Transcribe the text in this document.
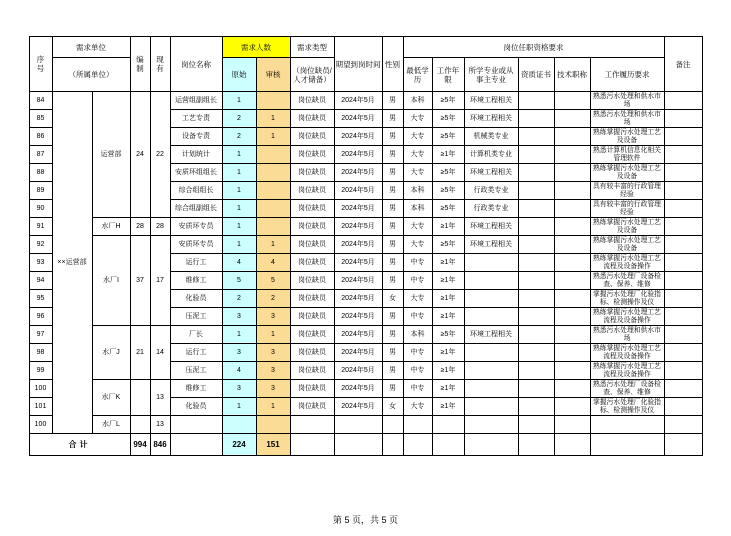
序号	需求单位		编制	现有	岗位名称	需求人数		需求类型	期望到岗时间	性别	岗位任职资格要求						备注
	（所属单位）					原始	审核	（岗位缺员/人才储备）			最低学历	工作年限	所学专业或从事主专业	资质证书	技术职称	工作履历要求	
84	××运营部	运营部	24	22	运营组副组长	1		岗位缺员	2024年5月	男	本科	≥5年	环境工程相关			熟悉污水处理和供水市场	
85					工艺专责	2	1	岗位缺员	2024年5月	男	大专	≥5年	环境工程相关			熟悉污水处理和供水市场	
86					设备专责	2	1	岗位缺员	2024年5月	男	大专	≥5年	机械类专业			熟练掌握污水处理工艺及设备	
87					计划统计	1		岗位缺员	2024年5月	男	大专	≥1年	计算机类专业			熟悉计算机信息化相关管理软件	
88					安质环组组长	1		岗位缺员	2024年5月	男	大专	≥5年	环境工程相关			熟练掌握污水处理工艺及设备	
89					综合组组长	1		岗位缺员	2024年5月	男	本科	≥5年	行政类专业			具有较丰富的行政管理经验	
90					综合组副组长	1		岗位缺员	2024年5月	男	本科	≥5年	行政类专业			具有较丰富的行政管理经验	
91		水厂H	28	28	安质环专员	1		岗位缺员	2024年5月	男	大专	≥1年	环境工程相关			熟练掌握污水处理工艺及设备	
92		水厂I	37	17	安质环专员	1	1	岗位缺员	2024年5月	男	大专	≥5年	环境工程相关			熟练掌握污水处理工艺及设备	
93					运行工	4	4	岗位缺员	2024年5月	男	中专	≥1年				熟练掌握污水处理工艺流程及设备操作	
94					维修工	5	5	岗位缺员	2024年5月	男	中专	≥1年				熟悉污水处理厂设备检查、保养、维修	
95					化验员	2	2	岗位缺员	2024年5月	女	大专	≥1年				掌握污水处理厂化验指标、检测操作及仪	
96					压泥工	3	3	岗位缺员	2024年5月	男	中专	≥1年				熟练掌握污水处理工艺流程及设备操作	
97		水厂J	21	14	厂长	1	1	岗位缺员	2024年5月	男	本科	≥5年	环境工程相关			熟悉污水处理和供水市场	
98					运行工	3	3	岗位缺员	2024年5月	男	中专	≥1年				熟练掌握污水处理工艺流程及设备操作	
99					压泥工	4	3	岗位缺员	2024年5月	男	中专	≥1年				熟练掌握污水处理工艺流程及设备操作	
100		水厂K		13	维修工	3	3	岗位缺员	2024年5月	男	中专	≥1年				熟悉污水处理厂设备检查、保养、维修	
101					化验员	1	1	岗位缺员	2024年5月	女	大专	≥1年				掌握污水处理厂化验指标、检测操作及仪	
100		水厂L		13													
合计			994	846		224	151										
第 5 页，共 5 页
